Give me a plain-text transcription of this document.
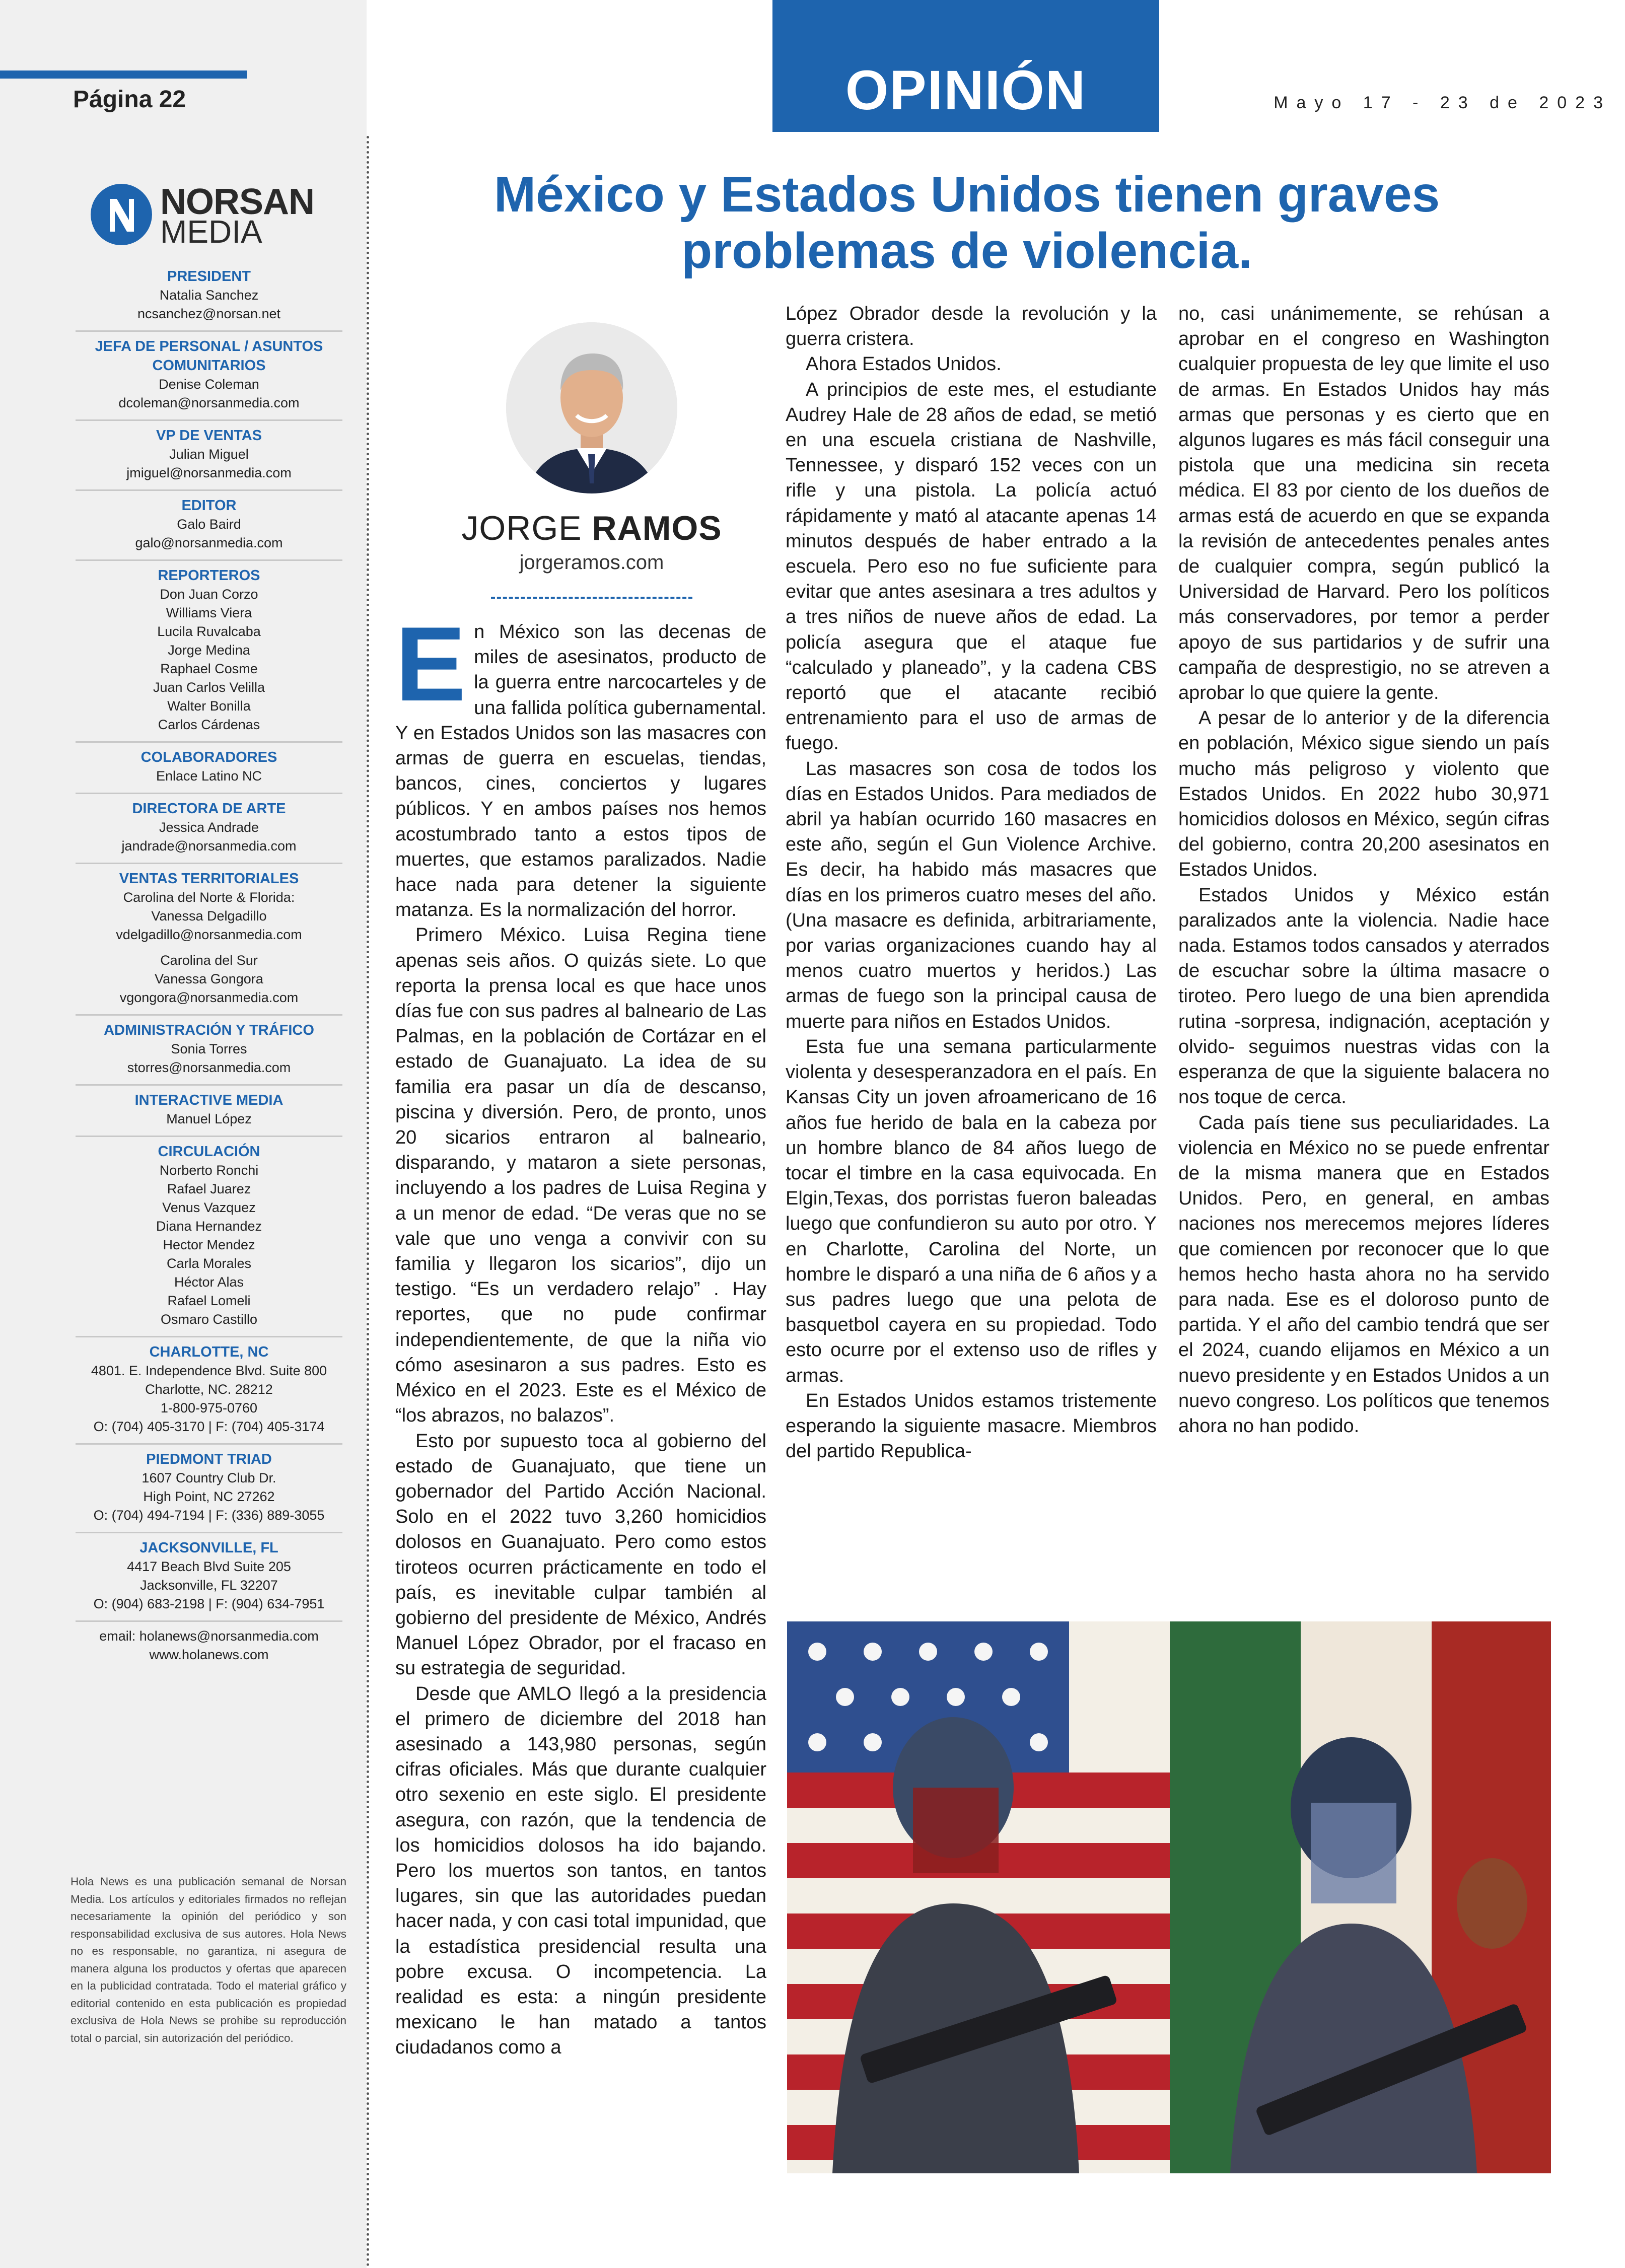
Página 22
NORSAN
MEDIA
PRESIDENT
Natalia Sanchez
ncsanchez@norsan.net
JEFA DE PERSONAL / ASUNTOS COMUNITARIOS
Denise Coleman
dcoleman@norsanmedia.com
VP DE VENTAS
Julian Miguel
jmiguel@norsanmedia.com
EDITOR
Galo Baird
galo@norsanmedia.com
REPORTEROS
Don Juan Corzo
Williams Viera
Lucila Ruvalcaba
Jorge Medina
Raphael Cosme
Juan Carlos Velilla
Walter Bonilla
Carlos Cárdenas
COLABORADORES
Enlace Latino NC
DIRECTORA DE ARTE
Jessica Andrade
jandrade@norsanmedia.com
VENTAS TERRITORIALES
Carolina del Norte & Florida:
Vanessa Delgadillo
vdelgadillo@norsanmedia.com
Carolina del Sur
Vanessa Gongora
vgongora@norsanmedia.com
ADMINISTRACIÓN Y TRÁFICO
Sonia Torres
storres@norsanmedia.com
INTERACTIVE MEDIA
Manuel López
CIRCULACIÓN
Norberto Ronchi
Rafael Juarez
Venus Vazquez
Diana Hernandez
Hector Mendez
Carla Morales
Héctor Alas
Rafael Lomeli
Osmaro Castillo
CHARLOTTE, NC
4801. E. Independence Blvd. Suite 800
Charlotte, NC. 28212
1-800-975-0760
O: (704) 405-3170 | F: (704) 405-3174
PIEDMONT TRIAD
1607 Country Club Dr.
High Point, NC 27262
O: (704) 494-7194 | F: (336) 889-3055
JACKSONVILLE, FL
4417 Beach Blvd Suite 205
Jacksonville, FL 32207
O: (904) 683-2198 | F: (904) 634-7951
email: holanews@norsanmedia.com
www.holanews.com
Hola News es una publicación semanal de Norsan Media. Los artículos y editoriales firmados no reflejan necesariamente la opinión del periódico y son responsabilidad exclusiva de sus autores. Hola News no es responsable, no garantiza, ni asegura de manera alguna los productos y ofertas que aparecen en la publicidad contratada. Todo el material gráfico y editorial contenido en esta publicación es propiedad exclusiva de Hola News se prohibe su reproducción total o parcial, sin autorización del periódico.
OPINIÓN	Mayo 17 - 23 de 2023
México y Estados Unidos tienen graves problemas de violencia.
JORGE RAMOS
jorgeramos.com
E n México son las decenas de miles de asesinatos, producto de la guerra entre narcocarteles y de una fallida política gubernamental. Y en Estados Unidos son las masacres con armas de guerra en escuelas, tiendas, bancos, cines, conciertos y lugares públicos. Y en ambos países nos hemos acostumbrado tanto a estos tipos de muertes, que estamos paralizados. Nadie hace nada para detener la siguiente matanza. Es la normalización del horror.

Primero México. Luisa Regina tiene apenas seis años. O quizás siete. Lo que reporta la prensa local es que hace unos días fue con sus padres al balneario de Las Palmas, en la población de Cortázar en el estado de Guanajuato. La idea de su familia era pasar un día de descanso, piscina y diversión. Pero, de pronto, unos 20 sicarios entraron al balneario, disparando, y mataron a siete personas, incluyendo a los padres de Luisa Regina y a un menor de edad. “De veras que no se vale que uno venga a convivir con su familia y llegaron los sicarios”, dijo un testigo. “Es un verdadero relajo” . Hay reportes, que no pude confirmar independientemente, de que la niña vio cómo asesinaron a sus padres. Esto es México en el 2023. Este es el México de “los abrazos, no balazos”.

Esto por supuesto toca al gobierno del estado de Guanajuato, que tiene un gobernador del Partido Acción Nacional. Solo en el 2022 tuvo 3,260 homicidios dolosos en Guanajuato. Pero como estos tiroteos ocurren prácticamente en todo el país, es inevitable culpar también al gobierno del presidente de México, Andrés Manuel López Obrador, por el fracaso en su estrategia de seguridad.

Desde que AMLO llegó a la presidencia el primero de diciembre del 2018 han asesinado a 143,980 personas, según cifras oficiales. Más que durante cualquier otro sexenio en este siglo. El presidente asegura, con razón, que la tendencia de los homicidios dolosos ha ido bajando. Pero los muertos son tantos, en tantos lugares, sin que las autoridades puedan hacer nada, y con casi total impunidad, que la estadística presidencial resulta una pobre excusa. O incompetencia. La realidad es esta: a ningún presidente mexicano le han matado a tantos ciudadanos como a

López Obrador desde la revolución y la guerra cristera.

Ahora Estados Unidos.

A principios de este mes, el estudiante Audrey Hale de 28 años de edad, se metió en una escuela cristiana de Nashville, Tennessee, y disparó 152 veces con un rifle y una pistola. La policía actuó rápidamente y mató al atacante apenas 14 minutos después de haber entrado a la escuela. Pero eso no fue suficiente para evitar que antes asesinara a tres adultos y a tres niños de nueve años de edad. La policía asegura que el ataque fue “calculado y planeado”, y la cadena CBS reportó que el atacante recibió entrenamiento para el uso de armas de fuego.

Las masacres son cosa de todos los días en Estados Unidos. Para mediados de abril ya habían ocurrido 160 masacres en este año, según el Gun Violence Archive. Es decir, ha habido más masacres que días en los primeros cuatro meses del año. (Una masacre es definida, arbitrariamente, por varias organizaciones cuando hay al menos cuatro muertos y heridos.) Las armas de fuego son la principal causa de muerte para niños en Estados Unidos.

Esta fue una semana particularmente violenta y desesperanzadora en el país. En Kansas City un joven afroamericano de 16 años fue herido de bala en la cabeza por un hombre blanco de 84 años luego de tocar el timbre en la casa equivocada. En Elgin,Texas, dos porristas fueron baleadas luego que confundieron su auto por otro. Y en Charlotte, Carolina del Norte, un hombre le disparó a una niña de 6 años y a sus padres luego que una pelota de basquetbol cayera en su propiedad. Todo esto ocurre por el extenso uso de rifles y armas.

En Estados Unidos estamos tristemente esperando la siguiente masacre. Miembros del partido Republica-

no, casi unánimemente, se rehúsan a aprobar en el congreso en Washington cualquier propuesta de ley que limite el uso de armas. En Estados Unidos hay más armas que personas y es cierto que en algunos lugares es más fácil conseguir una pistola que una medicina sin receta médica. El 83 por ciento de los dueños de armas está de acuerdo en que se expanda la revisión de antecedentes penales antes de cualquier compra, según publicó la Universidad de Harvard. Pero los políticos más conservadores, por temor a perder apoyo de sus partidarios y de sufrir una campaña de desprestigio, no se atreven a aprobar lo que quiere la gente.

A pesar de lo anterior y de la diferencia en población, México sigue siendo un país mucho más peligroso y violento que Estados Unidos. En 2022 hubo 30,971 homicidios dolosos en México, según cifras del gobierno, contra 20,200 asesinatos en Estados Unidos.

Estados Unidos y México están paralizados ante la violencia. Nadie hace nada. Estamos todos cansados y aterrados de escuchar sobre la última masacre o tiroteo. Pero luego de una bien aprendida rutina -sorpresa, indignación, aceptación y olvido- seguimos nuestras vidas con la esperanza de que la siguiente balacera no nos toque de cerca.

Cada país tiene sus peculiaridades. La violencia en México no se puede enfrentar de la misma manera que en Estados Unidos. Pero, en general, en ambas naciones nos merecemos mejores líderes que comiencen por reconocer que lo que hemos hecho hasta ahora no ha servido para nada. Ese es el doloroso punto de partida. Y el año del cambio tendrá que ser el 2024, cuando elijamos en México a un nuevo presidente y en Estados Unidos a un nuevo congreso. Los políticos que tenemos ahora no han podido.
